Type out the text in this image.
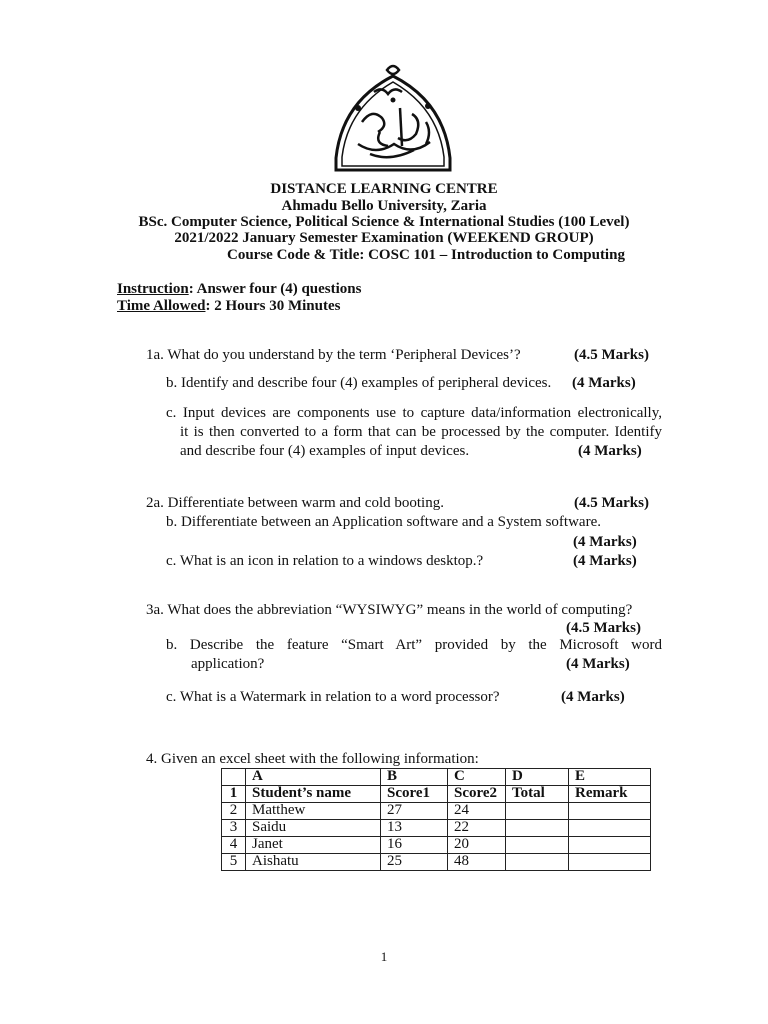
DISTANCE LEARNING CENTRE
Ahmadu Bello University, Zaria
BSc. Computer Science, Political Science & International Studies (100 Level)
2021/2022 January Semester Examination (WEEKEND GROUP)
Course Code & Title: COSC 101 – Introduction to Computing
Instruction: Answer four (4) questions
Time Allowed: 2 Hours 30 Minutes
1a. What do you understand by the term ‘Peripheral Devices’?	(4.5 Marks)
b. Identify and describe four (4) examples of peripheral devices. (4 Marks)
c. Input devices are components use to capture data/information electronically,
it is then converted to a form that can be processed by the computer. Identify
and describe four (4) examples of input devices.	(4 Marks)
2a. Differentiate between warm and cold booting.	(4.5 Marks)
b. Differentiate between an Application software and a System software.
(4 Marks)
c. What is an icon in relation to a windows desktop.?	(4 Marks)
3a. What does the abbreviation “WYSIWYG” means in the world of computing?
(4.5 Marks)
b. Describe the feature “Smart Art” provided by the Microsoft word
application?	(4 Marks)
c. What is a Watermark in relation to a word processor?	(4 Marks)
4. Given an excel sheet with the following information:
	A	B	C	D	E
1	Student’s name	Score1	Score2	Total	Remark
2	Matthew	27	24		
3	Saidu	13	22		
4	Janet	16	20		
5	Aishatu	25	48		
1
